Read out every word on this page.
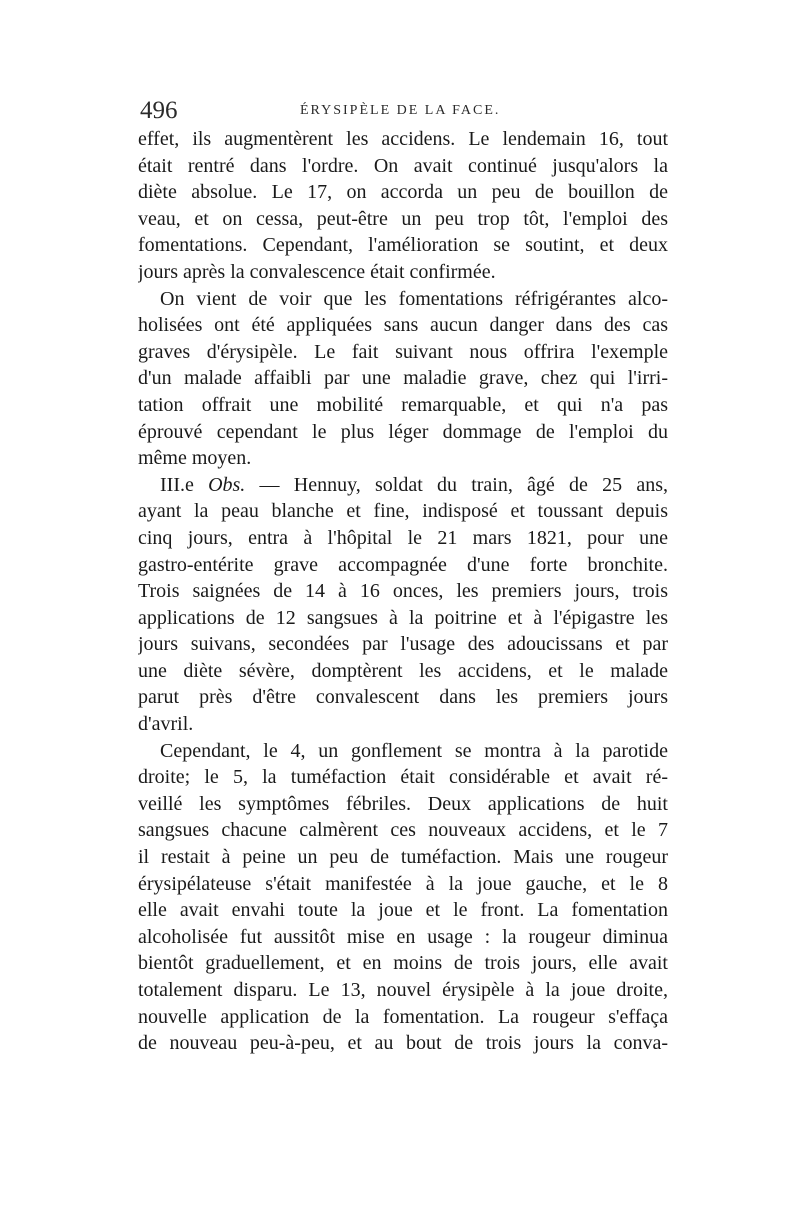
496	ÉRYSIPÈLE DE LA FACE.
effet, ils augmentèrent les accidens. Le lendemain 16, tout
était rentré dans l'ordre. On avait continué jusqu'alors la
diète absolue. Le 17, on accorda un peu de bouillon de
veau, et on cessa, peut-être un peu trop tôt, l'emploi des
fomentations. Cependant, l'amélioration se soutint, et deux
jours après la convalescence était confirmée.
On vient de voir que les fomentations réfrigérantes alco-
holisées ont été appliquées sans aucun danger dans des cas
graves d'érysipèle. Le fait suivant nous offrira l'exemple
d'un malade affaibli par une maladie grave, chez qui l'irri-
tation offrait une mobilité remarquable, et qui n'a pas
éprouvé cependant le plus léger dommage de l'emploi du
même moyen.
III.e Obs. — Hennuy, soldat du train, âgé de 25 ans,
ayant la peau blanche et fine, indisposé et toussant depuis
cinq jours, entra à l'hôpital le 21 mars 1821, pour une
gastro-entérite grave accompagnée d'une forte bronchite.
Trois saignées de 14 à 16 onces, les premiers jours, trois
applications de 12 sangsues à la poitrine et à l'épigastre les
jours suivans, secondées par l'usage des adoucissans et par
une diète sévère, domptèrent les accidens, et le malade
parut près d'être convalescent dans les premiers jours
d'avril.
Cependant, le 4, un gonflement se montra à la parotide
droite; le 5, la tuméfaction était considérable et avait ré-
veillé les symptômes fébriles. Deux applications de huit
sangsues chacune calmèrent ces nouveaux accidens, et le 7
il restait à peine un peu de tuméfaction. Mais une rougeur
érysipélateuse s'était manifestée à la joue gauche, et le 8
elle avait envahi toute la joue et le front. La fomentation
alcoholisée fut aussitôt mise en usage : la rougeur diminua
bientôt graduellement, et en moins de trois jours, elle avait
totalement disparu. Le 13, nouvel érysipèle à la joue droite,
nouvelle application de la fomentation. La rougeur s'effaça
de nouveau peu-à-peu, et au bout de trois jours la conva-
